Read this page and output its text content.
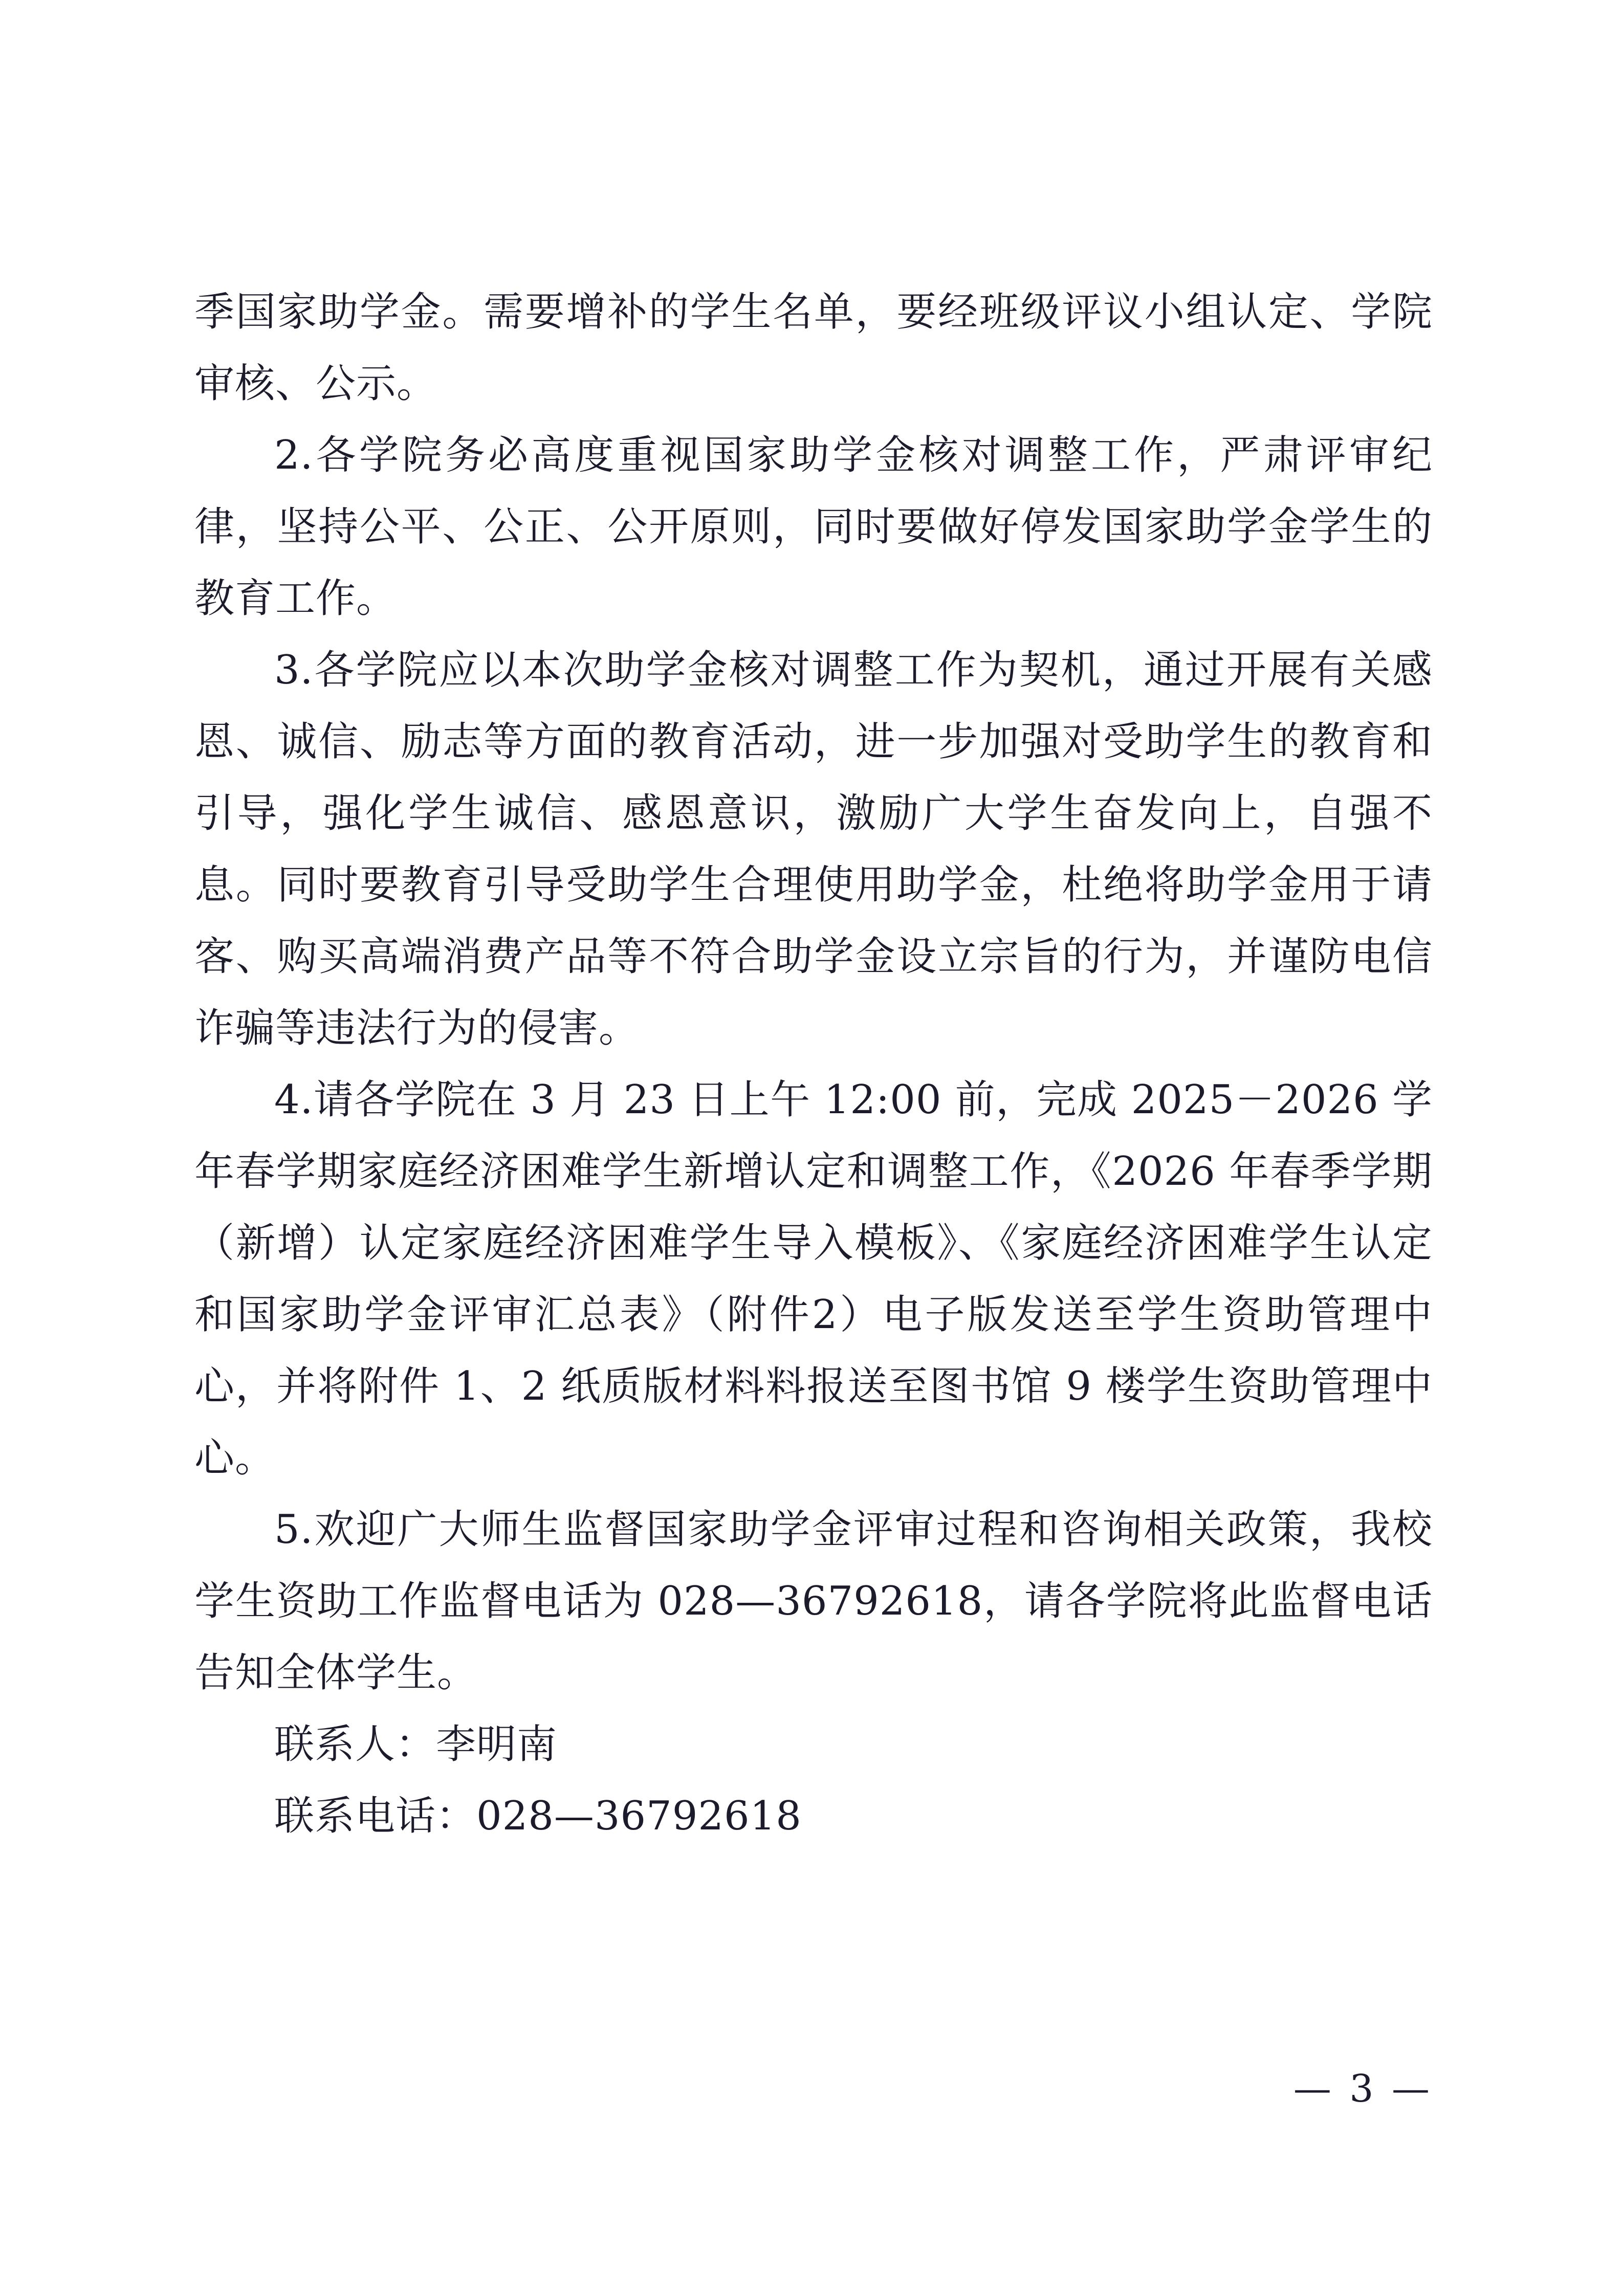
季国家助学金。需要增补的学生名单，要经班级评议小组认定、学院审核、公示。

2.各学院务必高度重视国家助学金核对调整工作，严肃评审纪律，坚持公平、公正、公开原则，同时要做好停发国家助学金学生的教育工作。

3.各学院应以本次助学金核对调整工作为契机，通过开展有关感恩、诚信、励志等方面的教育活动，进一步加强对受助学生的教育和引导，强化学生诚信、感恩意识，激励广大学生奋发向上，自强不息。同时要教育引导受助学生合理使用助学金，杜绝将助学金用于请客、购买高端消费产品等不符合助学金设立宗旨的行为，并谨防电信诈骗等违法行为的侵害。

4.请各学院在 3 月 23 日上午 12:00 前，完成 2025－2026 学年春学期家庭经济困难学生新增认定和调整工作，《2026 年春季学期（新增）认定家庭经济困难学生导入模板》、《家庭经济困难学生认定和国家助学金评审汇总表》（附件2）电子版发送至学生资助管理中心，并将附件 1、2 纸质版材料料报送至图书馆 9 楼学生资助管理中心。

5.欢迎广大师生监督国家助学金评审过程和咨询相关政策，我校学生资助工作监督电话为 028—36792618，请各学院将此监督电话告知全体学生。

联系人：李明南

联系电话：028—36792618

— 3 —
